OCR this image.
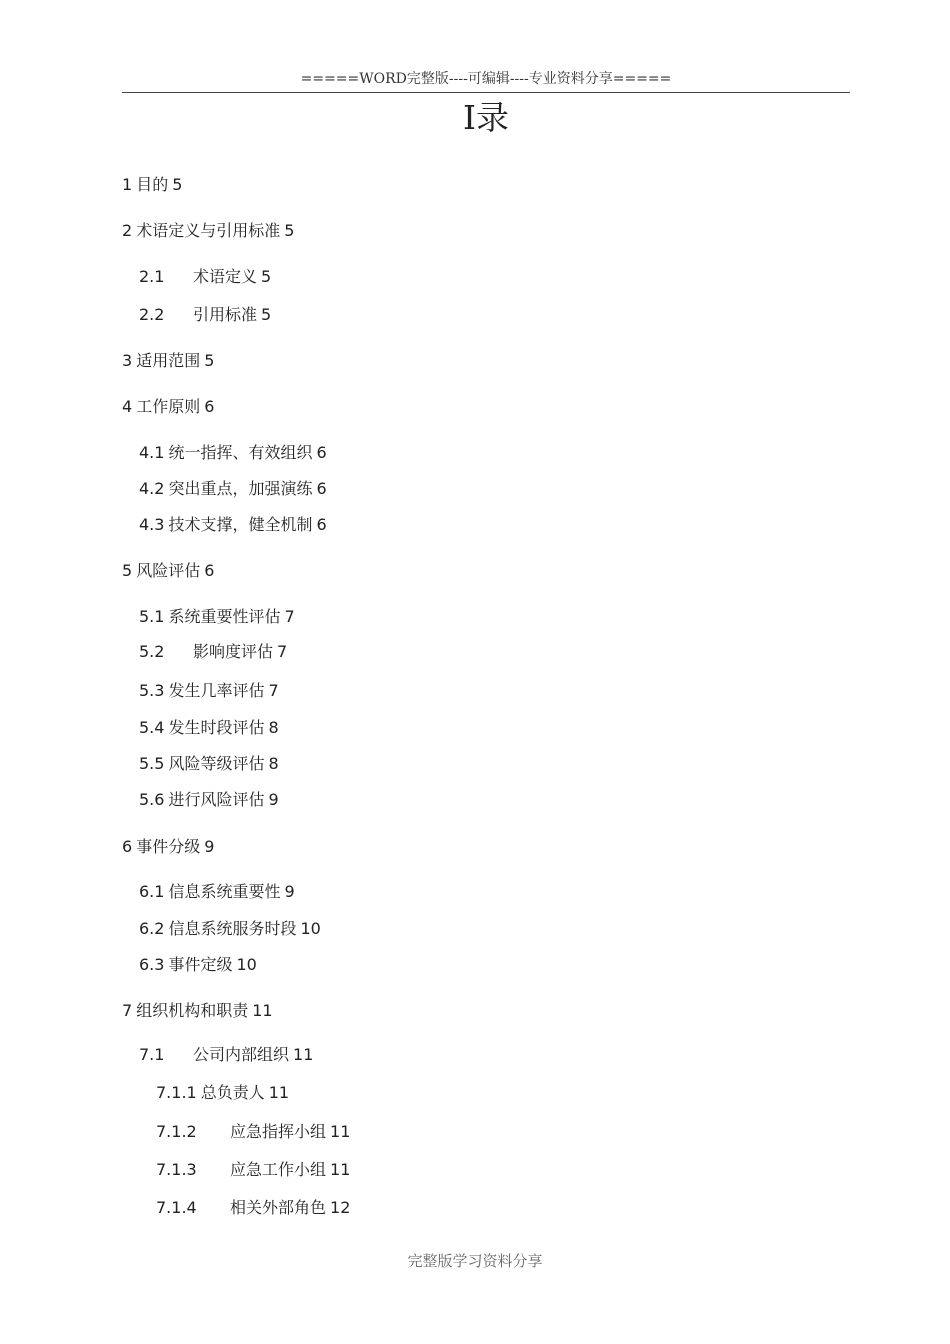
=====WORD完整版----可编辑----专业资料分享=====
I录
1 目的 5
2 术语定义与引用标准 5
2.1 术语定义 5
2.2 引用标准 5
3 适用范围 5
4 工作原则 6
4.1 统一指挥、有效组织 6
4.2 突出重点，加强演练 6
4.3 技术支撑，健全机制 6
5 风险评估 6
5.1 系统重要性评估 7
5.2 影响度评估 7
5.3 发生几率评估 7
5.4 发生时段评估 8
5.5 风险等级评估 8
5.6 进行风险评估 9
6 事件分级 9
6.1 信息系统重要性 9
6.2 信息系统服务时段 10
6.3 事件定级 10
7 组织机构和职责 11
7.1 公司内部组织 11
7.1.1 总负责人 11
7.1.2 应急指挥小组 11
7.1.3 应急工作小组 11
7.1.4 相关外部角色 12
完整版学习资料分享
